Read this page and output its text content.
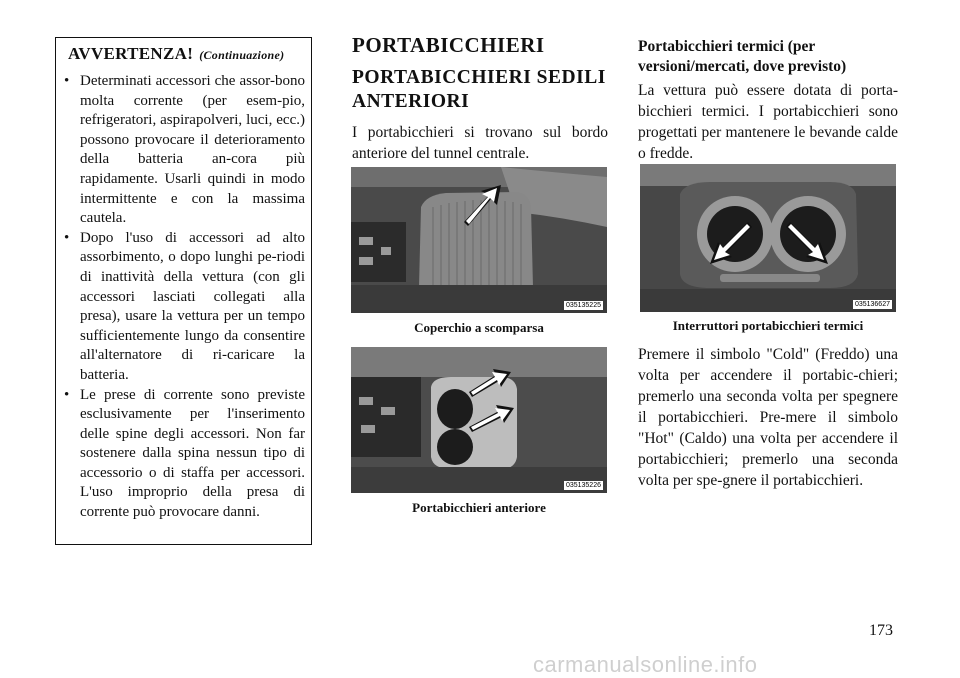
AVVERTENZA! (Continuazione)
• Determinati accessori che assor-bono molta corrente (per esem-pio, refrigeratori, aspirapolveri, luci, ecc.) possono provocare il deterioramento della batteria an-cora più rapidamente. Usarli quindi in modo intermittente e con la massima cautela.
• Dopo l'uso di accessori ad alto assorbimento, o dopo lunghi pe-riodi di inattività della vettura (con gli accessori lasciati collegati alla presa), usare la vettura per un tempo sufficientemente lungo da consentire all'alternatore di ri-caricare la batteria.
• Le prese di corrente sono previste esclusivamente per l'inserimento delle spine degli accessori. Non far sostenere dalla spina nessun tipo di accessorio o di staffa per accessori. L'uso improprio della presa di corrente può provocare danni.
PORTABICCHIERI
PORTABICCHIERI SEDILI ANTERIORI
I portabicchieri si trovano sul bordo anteriore del tunnel centrale.
035135225
Coperchio a scomparsa
035135226
Portabicchieri anteriore
Portabicchieri termici (per versioni/mercati, dove previsto)
La vettura può essere dotata di porta-bicchieri termici. I portabicchieri sono progettati per mantenere le bevande calde o fredde.
035136627
Interruttori portabicchieri termici
Premere il simbolo "Cold" (Freddo) una volta per accendere il portabic-chieri; premerlo una seconda volta per spegnere il portabicchieri. Pre-mere il simbolo "Hot" (Caldo) una volta per accendere il portabicchieri; premerlo una seconda volta per spe-gnere il portabicchieri.
173
carmanualsonline.info
